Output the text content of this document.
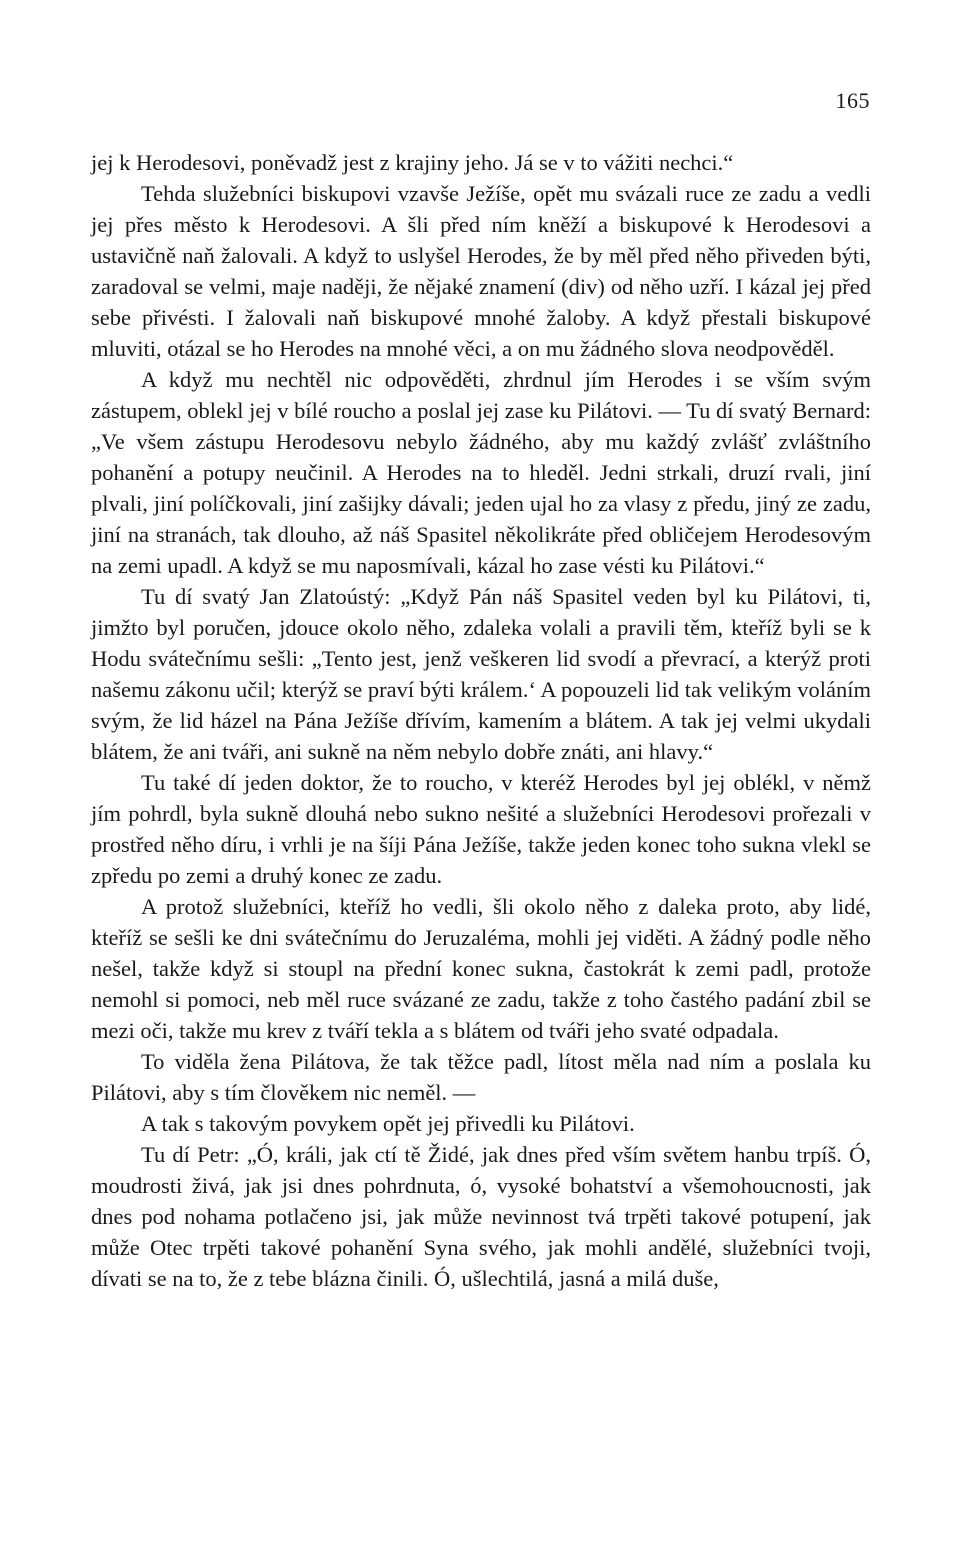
165

jej k Herodesovi, poněvadž jest z krajiny jeho. Já se v to vážiti nechci.“

Tehda služebníci biskupovi vzavše Ježíše, opět mu svázali ruce ze zadu a vedli jej přes město k Herodesovi. A šli před ním kněží a biskupové k Herodesovi a ustavičně naň žalovali. A když to uslyšel Herodes, že by měl před něho přiveden býti, zaradoval se velmi, maje naději, že nějaké znamení (div) od něho uzří. I kázal jej před sebe přivésti. I žalovali naň biskupové mnohé žaloby. A když přestali biskupové mluviti, otázal se ho Herodes na mnohé věci, a on mu žádného slova neodpověděl.

A když mu nechtěl nic odpověděti, zhrdnul jím Herodes i se vším svým zástupem, oblekl jej v bílé roucho a poslal jej zase ku Pilátovi. — Tu dí svatý Bernard: „Ve všem zástupu Herodesovu nebylo žádného, aby mu každý zvlášť zvláštního pohanění a potupy neučinil. A Herodes na to hleděl. Jedni strkali, druzí rvali, jiní plvali, jiní políčkovali, jiní zašijky dávali; jeden ujal ho za vlasy z předu, jiný ze zadu, jiní na stranách, tak dlouho, až náš Spasitel několikráte před obličejem Herodesovým na zemi upadl. A když se mu naposmívali, kázal ho zase vésti ku Pilátovi.“

Tu dí svatý Jan Zlatoústý: „Když Pán náš Spasitel veden byl ku Pilátovi, ti, jimžto byl poručen, jdouce okolo něho, zdaleka volali a pravili těm, kteříž byli se k Hodu svátečnímu sešli: „Tento jest, jenž veškeren lid svodí a převrací, a kterýž proti našemu zákonu učil; kterýž se praví býti králem.‘ A popouzeli lid tak velikým voláním svým, že lid házel na Pána Ježíše dřívím, kamením a blátem. A tak jej velmi ukydali blátem, že ani tváři, ani sukně na něm nebylo dobře znáti, ani hlavy.“

Tu také dí jeden doktor, že to roucho, v kteréž Herodes byl jej oblékl, v němž jím pohrdl, byla sukně dlouhá nebo sukno nešité a služebníci Herodesovi prořezali v prostřed něho díru, i vrhli je na šíji Pána Ježíše, takže jeden konec toho sukna vlekl se zpředu po zemi a druhý konec ze zadu.

A protož služebníci, kteříž ho vedli, šli okolo něho z daleka proto, aby lidé, kteříž se sešli ke dni svátečnímu do Jeruzaléma, mohli jej viděti. A žádný podle něho nešel, takže když si stoupl na přední konec sukna, častokrát k zemi padl, protože nemohl si pomoci, neb měl ruce svázané ze zadu, takže z toho častého padání zbil se mezi oči, takže mu krev z tváří tekla a s blátem od tváři jeho svaté odpadala.

To viděla žena Pilátova, že tak těžce padl, lítost měla nad ním a poslala ku Pilátovi, aby s tím člověkem nic neměl. —

A tak s takovým povykem opět jej přivedli ku Pilátovi.

Tu dí Petr: „Ó, králi, jak ctí tě Židé, jak dnes před vším světem hanbu trpíš. Ó, moudrosti živá, jak jsi dnes pohrdnuta, ó, vysoké bohatství a všemohoucnosti, jak dnes pod nohama potlačeno jsi, jak může nevinnost tvá trpěti takové potupení, jak může Otec trpěti takové pohanění Syna svého, jak mohli andělé, služebníci tvoji, dívati se na to, že z tebe blázna činili. Ó, ušlechtilá, jasná a milá duše,
